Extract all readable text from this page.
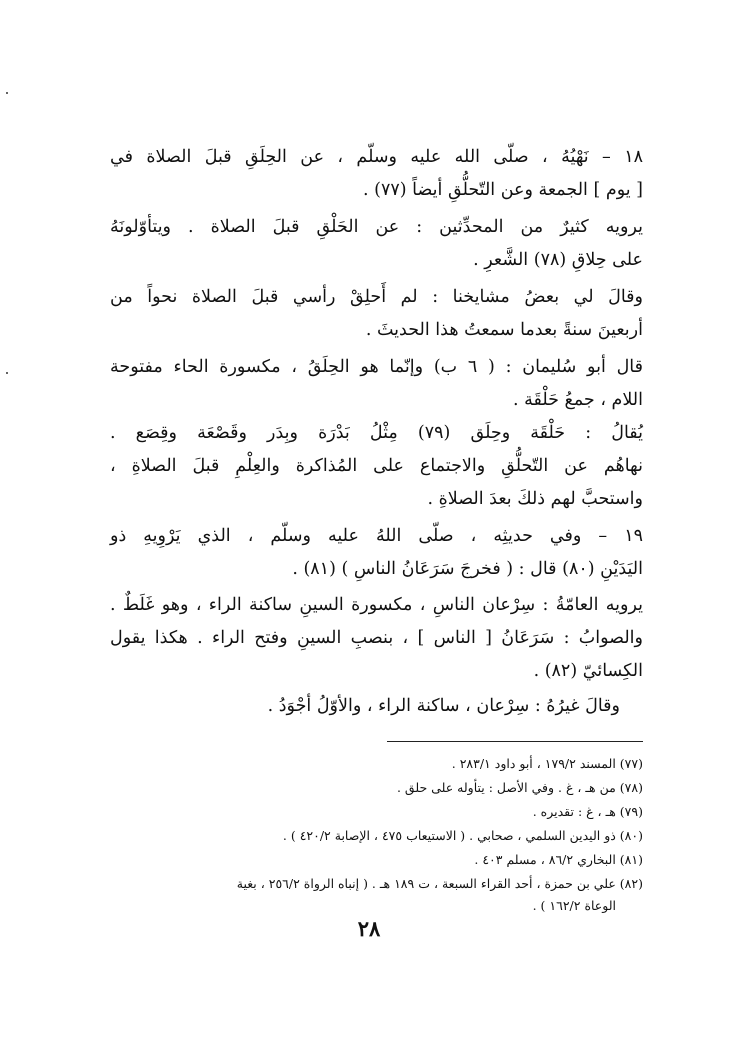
١٨ – نَهْيُهُ ، صلّى الله عليه وسلّم ، عن الحِلَقِ قبلَ الصلاة في
[ يوم ] الجمعة وعن التّحلُّقِ أيضاً (٧٧) .
يرويه كثيرٌ من المحدِّثين : عن الحَلْقِ قبلَ الصلاة . ويتأوّلونَهُ
على حِلاقِ (٧٨) الشَّعرِ .
وقالَ لي بعضُ مشايخنا : لم أَحلِقْ رأسي قبلَ الصلاة نحواً من
أربعينَ سنةً بعدما سمعتُ هذا الحديثَ .
قال أبو سُليمان : ( ٦ ب) وإنّما هو الحِلَقُ ، مكسورة الحاء مفتوحة
اللام ، جمعُ حَلْقَة .
يُقالُ : حَلْقَة وحِلَق (٧٩) مِثْلُ بَدْرَة وبِدَر وقَصْعَة وقِصَع .
نهاهُم عن التّحلُّقِ والاجتماع على المُذاكرة والعِلْمِ قبلَ الصلاةِ ،
واستحبَّ لهم ذلكَ بعدَ الصلاةِ .
١٩ – وفي حديثِه ، صلّى اللهُ عليه وسلّم ، الذي يَرْوِيهِ ذو
اليَدَيْنِ (٨٠) قال : ( فخرجَ سَرَعَانُ الناسِ ) (٨١) .
يرويه العامّةُ : سِرْعان الناسِ ، مكسورة السينِ ساكنة الراء ، وهو غَلَطٌ .
والصوابُ : سَرَعَانُ [ الناس ] ، بنصبِ السينِ وفتح الراء . هكذا يقول
الكِسائيّ (٨٢) .
وقالَ غيرُهُ : سِرْعان ، ساكنة الراء ، والأوّلُ أجْوَدُ .
(٧٧) المسند ١٧٩/٢ ، أبو داود ٢٨٣/١ .
(٧٨) من هـ ، غ . وفي الأصل : يتأوله على حلق .
(٧٩) هـ ، غ : تقديره .
(٨٠) ذو اليدين السلمي ، صحابي . ( الاستيعاب ٤٧٥ ، الإصابة ٤٢٠/٢ ) .
(٨١) البخاري ٨٦/٢ ، مسلم ٤٠٣ .
(٨٢) علي بن حمزة ، أحد القراء السبعة ، ت ١٨٩ هـ . ( إنباه الرواة ٢٥٦/٢ ، بغية
الوعاة ١٦٢/٢ ) .
٢٨
